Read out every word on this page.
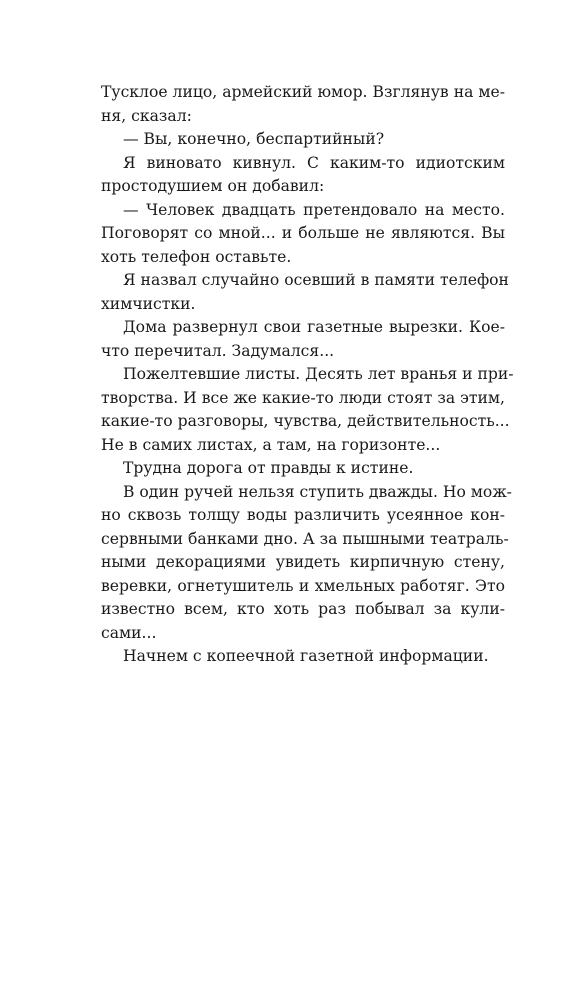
Тусклое лицо, армейский юмор. Взглянув на ме-
ня, сказал:
— Вы, конечно, беспартийный?
Я виновато кивнул. С каким-то идиотским
простодушием он добавил:
— Человек двадцать претендовало на место.
Поговорят со мной... и больше не являются. Вы
хоть телефон оставьте.
Я назвал случайно осевший в памяти телефон
химчистки.
Дома развернул свои газетные вырезки. Кое-
что перечитал. Задумался...
Пожелтевшие листы. Десять лет вранья и при-
творства. И все же какие-то люди стоят за этим,
какие-то разговоры, чувства, действительность...
Не в самих листах, а там, на горизонте...
Трудна дорога от правды к истине.
В один ручей нельзя ступить дважды. Но мож-
но сквозь толщу воды различить усеянное кон-
сервными банками дно. А за пышными театраль-
ными декорациями увидеть кирпичную стену,
веревки, огнетушитель и хмельных работяг. Это
известно всем, кто хоть раз побывал за кули-
сами...
Начнем с копеечной газетной информации.
